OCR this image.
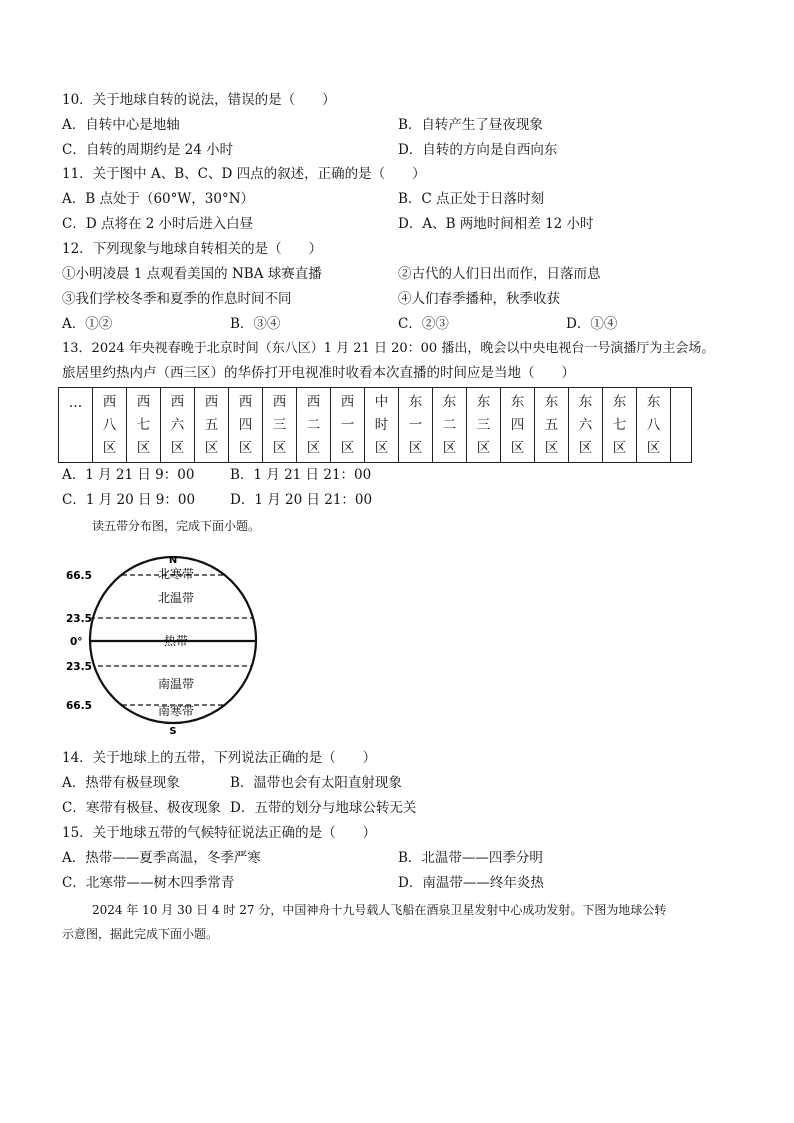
10．关于地球自转的说法，错误的是（　　）
A．自转中心是地轴	B．自转产生了昼夜现象
C．自转的周期约是 24 小时	D．自转的方向是自西向东
11．关于图中 A、B、C、D 四点的叙述，正确的是（　　）
A．B 点处于（60°W，30°N）	B．C 点正处于日落时刻
C．D 点将在 2 小时后进入白昼	D．A、B 两地时间相差 12 小时
12．下列现象与地球自转相关的是（　　）
①小明凌晨 1 点观看美国的 NBA 球赛直播	②古代的人们日出而作，日落而息
③我们学校冬季和夏季的作息时间不同	④人们春季播种，秋季收获
A．①②	B．③④	C．②③	D．①④
13．2024 年央视春晚于北京时间（东八区）1 月 21 日 20：00 播出，晚会以中央电视台一号演播厅为主会场。
旅居里约热内卢（西三区）的华侨打开电视准时收看本次直播的时间应是当地（　　）
…	西八区	西七区	西六区	西五区	西四区	西三区	西二区	西一区	中时区	东一区	东二区	东三区	东四区	东五区	东六区	东七区	东八区	
A．1 月 21 日 9：00	B．1 月 21 日 21：00
C．1 月 20 日 9：00	D．1 月 20 日 21：00
读五带分布图，完成下面小题。
N
S
66.5
23.5
0°
23.5
66.5
北寒带
北温带
热带
南温带
南寒带
14．关于地球上的五带，下列说法正确的是（　　）
A．热带有极昼现象	B．温带也会有太阳直射现象
C．寒带有极昼、极夜现象 D．五带的划分与地球公转无关
15．关于地球五带的气候特征说法正确的是（　　）
A．热带——夏季高温，冬季严寒	B．北温带——四季分明
C．北寒带——树木四季常青	D．南温带——终年炎热
2024 年 10 月 30 日 4 时 27 分，中国神舟十九号载人飞船在酒泉卫星发射中心成功发射。下图为地球公转
示意图，据此完成下面小题。
